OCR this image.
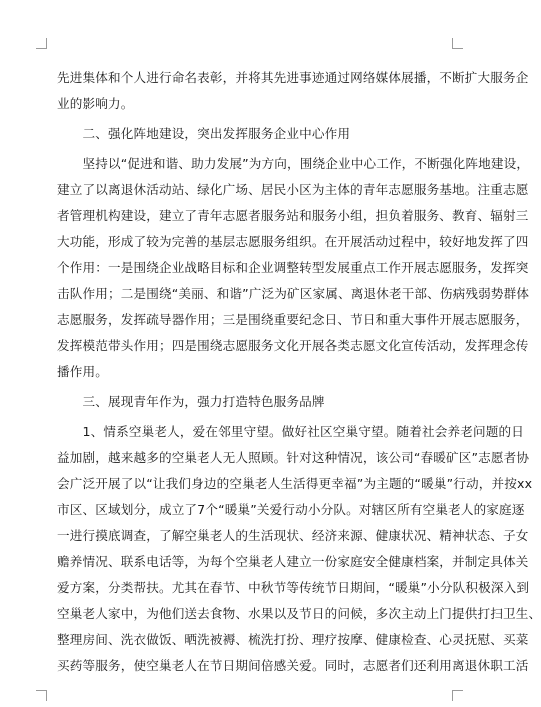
先进集体和个人进行命名表彰，并将其先进事迹通过网络媒体展播，不断扩大服务企
业的影响力。
　　二、强化阵地建设，突出发挥服务企业中心作用
　　坚持以“促进和谐、助力发展”为方向，围绕企业中心工作，不断强化阵地建设，
建立了以离退休活动站、绿化广场、居民小区为主体的青年志愿服务基地。注重志愿
者管理机构建设，建立了青年志愿者服务站和服务小组，担负着服务、教育、辐射三
大功能，形成了较为完善的基层志愿服务组织。在开展活动过程中，较好地发挥了四
个作用：一是围绕企业战略目标和企业调整转型发展重点工作开展志愿服务，发挥突
击队作用；二是围绕“美丽、和谐”广泛为矿区家属、离退休老干部、伤病残弱势群体
志愿服务，发挥疏导器作用；三是围绕重要纪念日、节日和重大事件开展志愿服务，
发挥模范带头作用；四是围绕志愿服务文化开展各类志愿文化宣传活动，发挥理念传
播作用。
　　三、展现青年作为，强力打造特色服务品牌
　　1、情系空巢老人，爱在邻里守望。做好社区空巢守望。随着社会养老问题的日
益加剧，越来越多的空巢老人无人照顾。针对这种情况，该公司“春暖矿区”志愿者协
会广泛开展了以“让我们身边的空巢老人生活得更幸福”为主题的“暖巢”行动，并按xx
市区、区域划分，成立了7个“暖巢”关爱行动小分队。对辖区所有空巢老人的家庭逐
一进行摸底调查，了解空巢老人的生活现状、经济来源、健康状况、精神状态、子女
赡养情况、联系电话等，为每个空巢老人建立一份家庭安全健康档案，并制定具体关
爱方案，分类帮扶。尤其在春节、中秋节等传统节日期间，“暖巢”小分队积极深入到
空巢老人家中，为他们送去食物、水果以及节日的问候，多次主动上门提供打扫卫生、
整理房间、洗衣做饭、晒洗被褥、梳洗打扮、理疗按摩、健康检查、心灵抚慰、买菜
买药等服务，使空巢老人在节日期间倍感关爱。同时，志愿者们还利用离退休职工活
